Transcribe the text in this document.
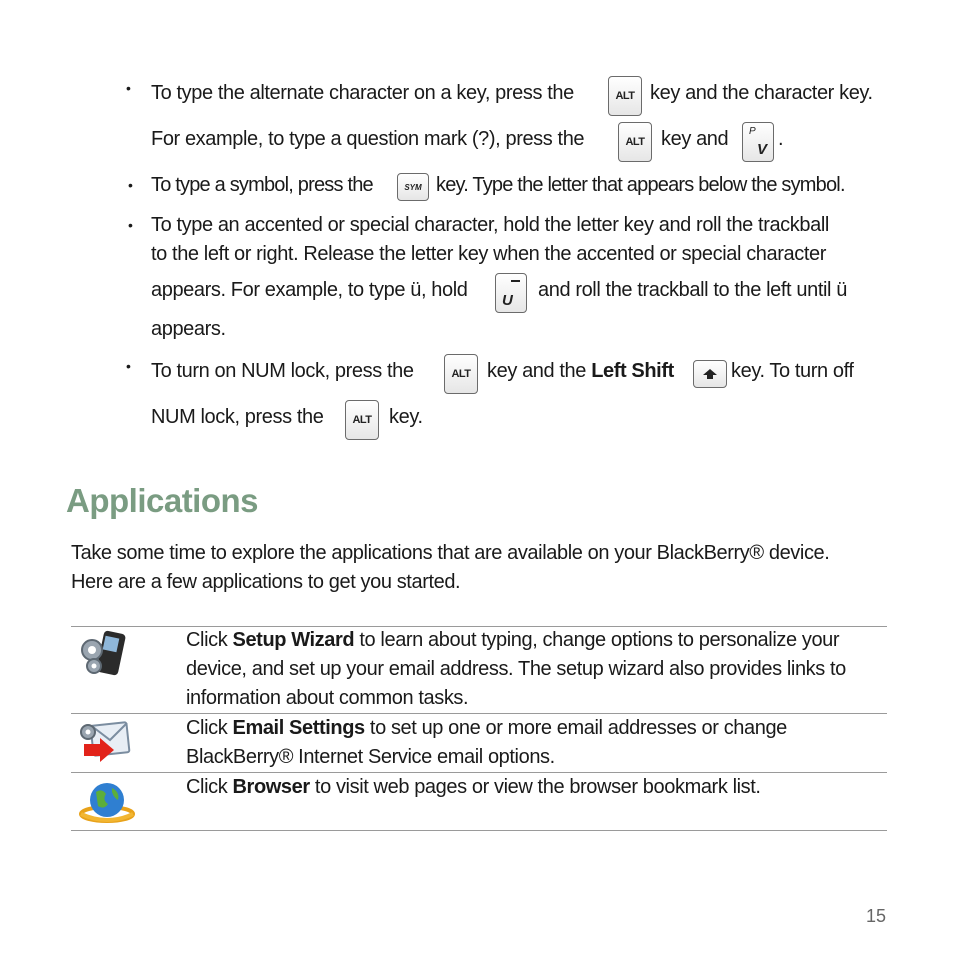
• To type the alternate character on a key, press the	ALT key and the character key.
For example, to type a question mark (?), press the	ALT key and P
V .
• To type a symbol, press the	SYM key. Type the letter that appears below the symbol.
• To type an accented or special character, hold the letter key and roll the trackball
to the left or right. Release the letter key when the accented or special character
appears. For example, to type ü, hold U and roll the trackball to the left until ü
appears.
• To turn on NUM lock, press the	ALT key and the Left Shift	key. To turn off
NUM lock, press the	ALT key.
Applications
Take some time to explore the applications that are available on your BlackBerry® device.
Here are a few applications to get you started.
Click Setup Wizard to learn about typing, change options to personalize your
device, and set up your email address. The setup wizard also provides links to
information about common tasks.
Click Email Settings to set up one or more email addresses or change
BlackBerry® Internet Service email options.
Click Browser to visit web pages or view the browser bookmark list.
15
